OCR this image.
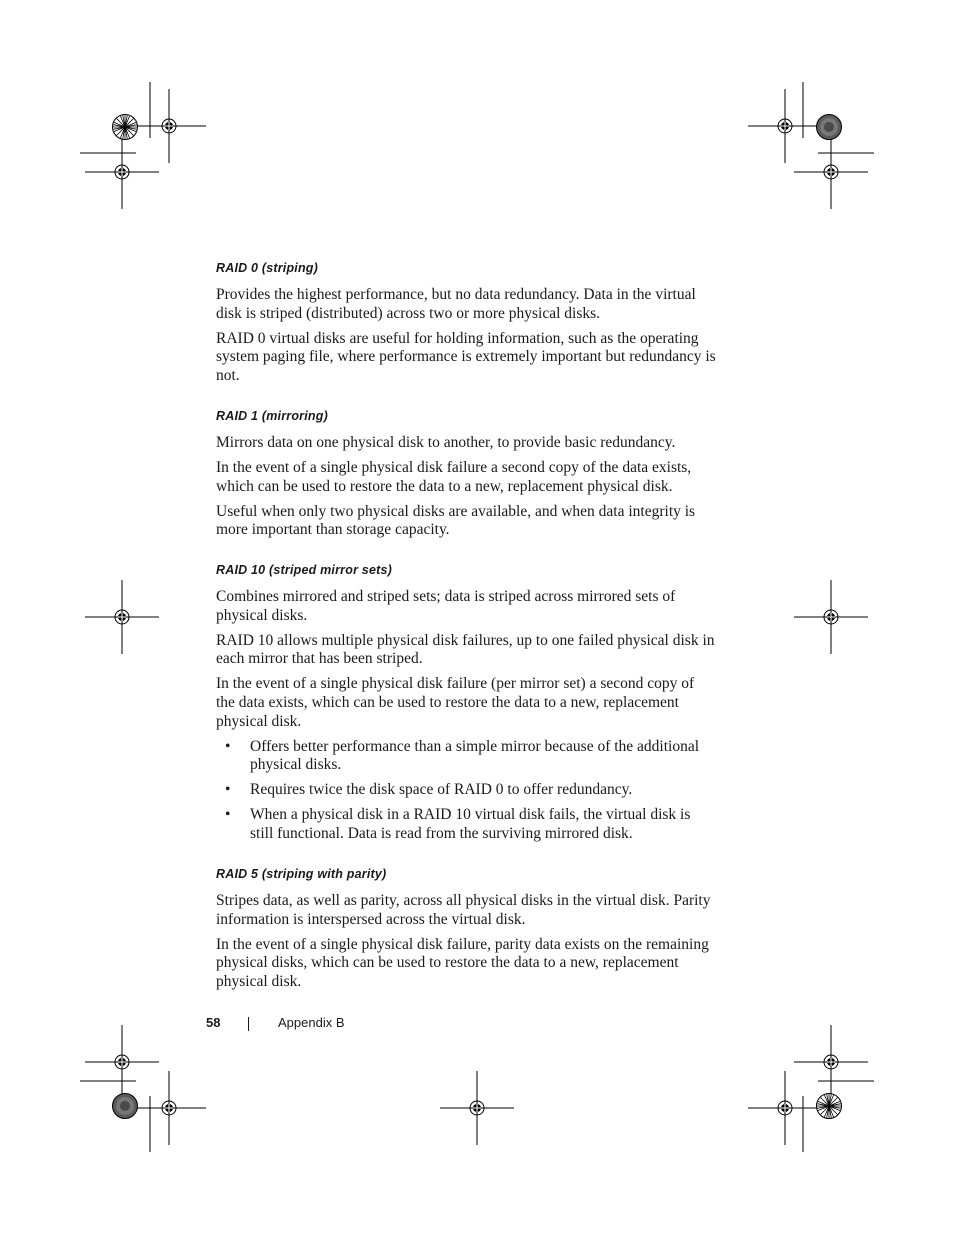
RAID 0 (striping)

Provides the highest performance, but no data redundancy. Data in the virtual disk is striped (distributed) across two or more physical disks.

RAID 0 virtual disks are useful for holding information, such as the operating system paging file, where performance is extremely important but redundancy is not.

RAID 1 (mirroring)

Mirrors data on one physical disk to another, to provide basic redundancy.

In the event of a single physical disk failure a second copy of the data exists, which can be used to restore the data to a new, replacement physical disk.

Useful when only two physical disks are available, and when data integrity is more important than storage capacity.

RAID 10 (striped mirror sets)

Combines mirrored and striped sets; data is striped across mirrored sets of physical disks.

RAID 10 allows multiple physical disk failures, up to one failed physical disk in each mirror that has been striped.

In the event of a single physical disk failure (per mirror set) a second copy of the data exists, which can be used to restore the data to a new, replacement physical disk.

• Offers better performance than a simple mirror because of the additional physical disks.
• Requires twice the disk space of RAID 0 to offer redundancy.
• When a physical disk in a RAID 10 virtual disk fails, the virtual disk is still functional. Data is read from the surviving mirrored disk.
RAID 5 (striping with parity)

Stripes data, as well as parity, across all physical disks in the virtual disk. Parity information is interspersed across the virtual disk.

In the event of a single physical disk failure, parity data exists on the remaining physical disks, which can be used to restore the data to a new, replacement physical disk.

58	Appendix B
